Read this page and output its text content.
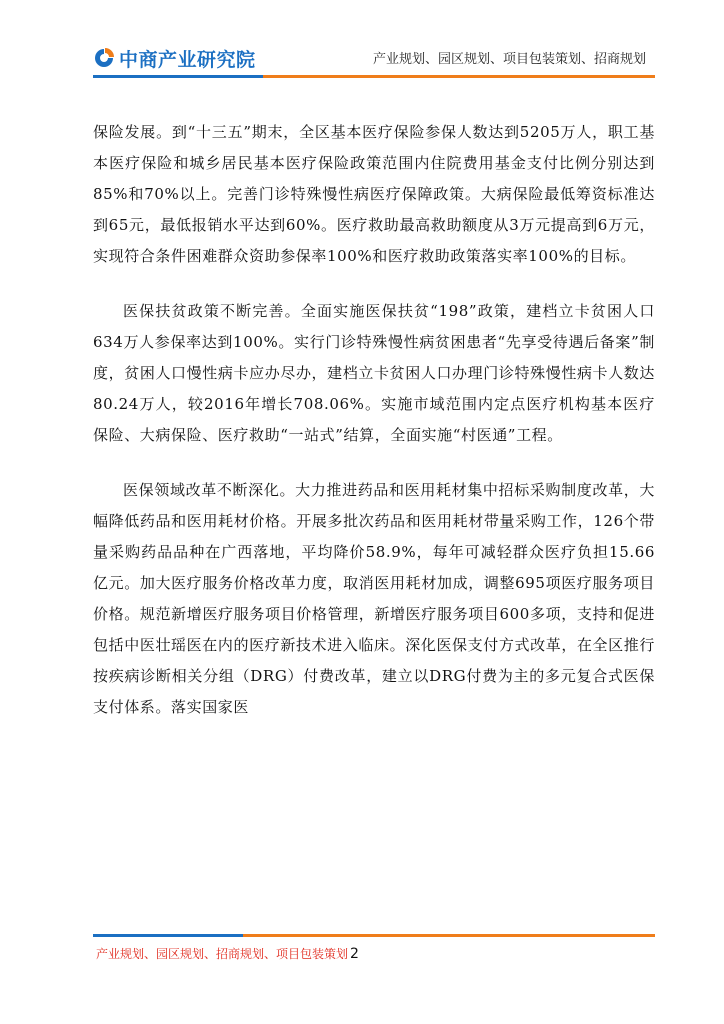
中商产业研究院	产业规划、园区规划、项目包装策划、招商规划

保险发展。到“十三五”期末，全区基本医疗保险参保人数达到5205万人，职工基本医疗保险和城乡居民基本医疗保险政策范围内住院费用基金支付比例分别达到85%和70%以上。完善门诊特殊慢性病医疗保障政策。大病保险最低筹资标准达到65元，最低报销水平达到60%。医疗救助最高救助额度从3万元提高到6万元，实现符合条件困难群众资助参保率100%和医疗救助政策落实率100%的目标。

医保扶贫政策不断完善。全面实施医保扶贫“198”政策，建档立卡贫困人口634万人参保率达到100%。实行门诊特殊慢性病贫困患者“先享受待遇后备案”制度，贫困人口慢性病卡应办尽办，建档立卡贫困人口办理门诊特殊慢性病卡人数达80.24万人，较2016年增长708.06%。实施市域范围内定点医疗机构基本医疗保险、大病保险、医疗救助“一站式”结算，全面实施“村医通”工程。

医保领域改革不断深化。大力推进药品和医用耗材集中招标采购制度改革，大幅降低药品和医用耗材价格。开展多批次药品和医用耗材带量采购工作，126个带量采购药品品种在广西落地，平均降价58.9%，每年可减轻群众医疗负担15.66亿元。加大医疗服务价格改革力度，取消医用耗材加成，调整695项医疗服务项目价格。规范新增医疗服务项目价格管理，新增医疗服务项目600多项，支持和促进包括中医壮瑶医在内的医疗新技术进入临床。深化医保支付方式改革，在全区推行按疾病诊断相关分组（DRG）付费改革，建立以DRG付费为主的多元复合式医保支付体系。落实国家医

产业规划、园区规划、招商规划、项目包装策划 2
